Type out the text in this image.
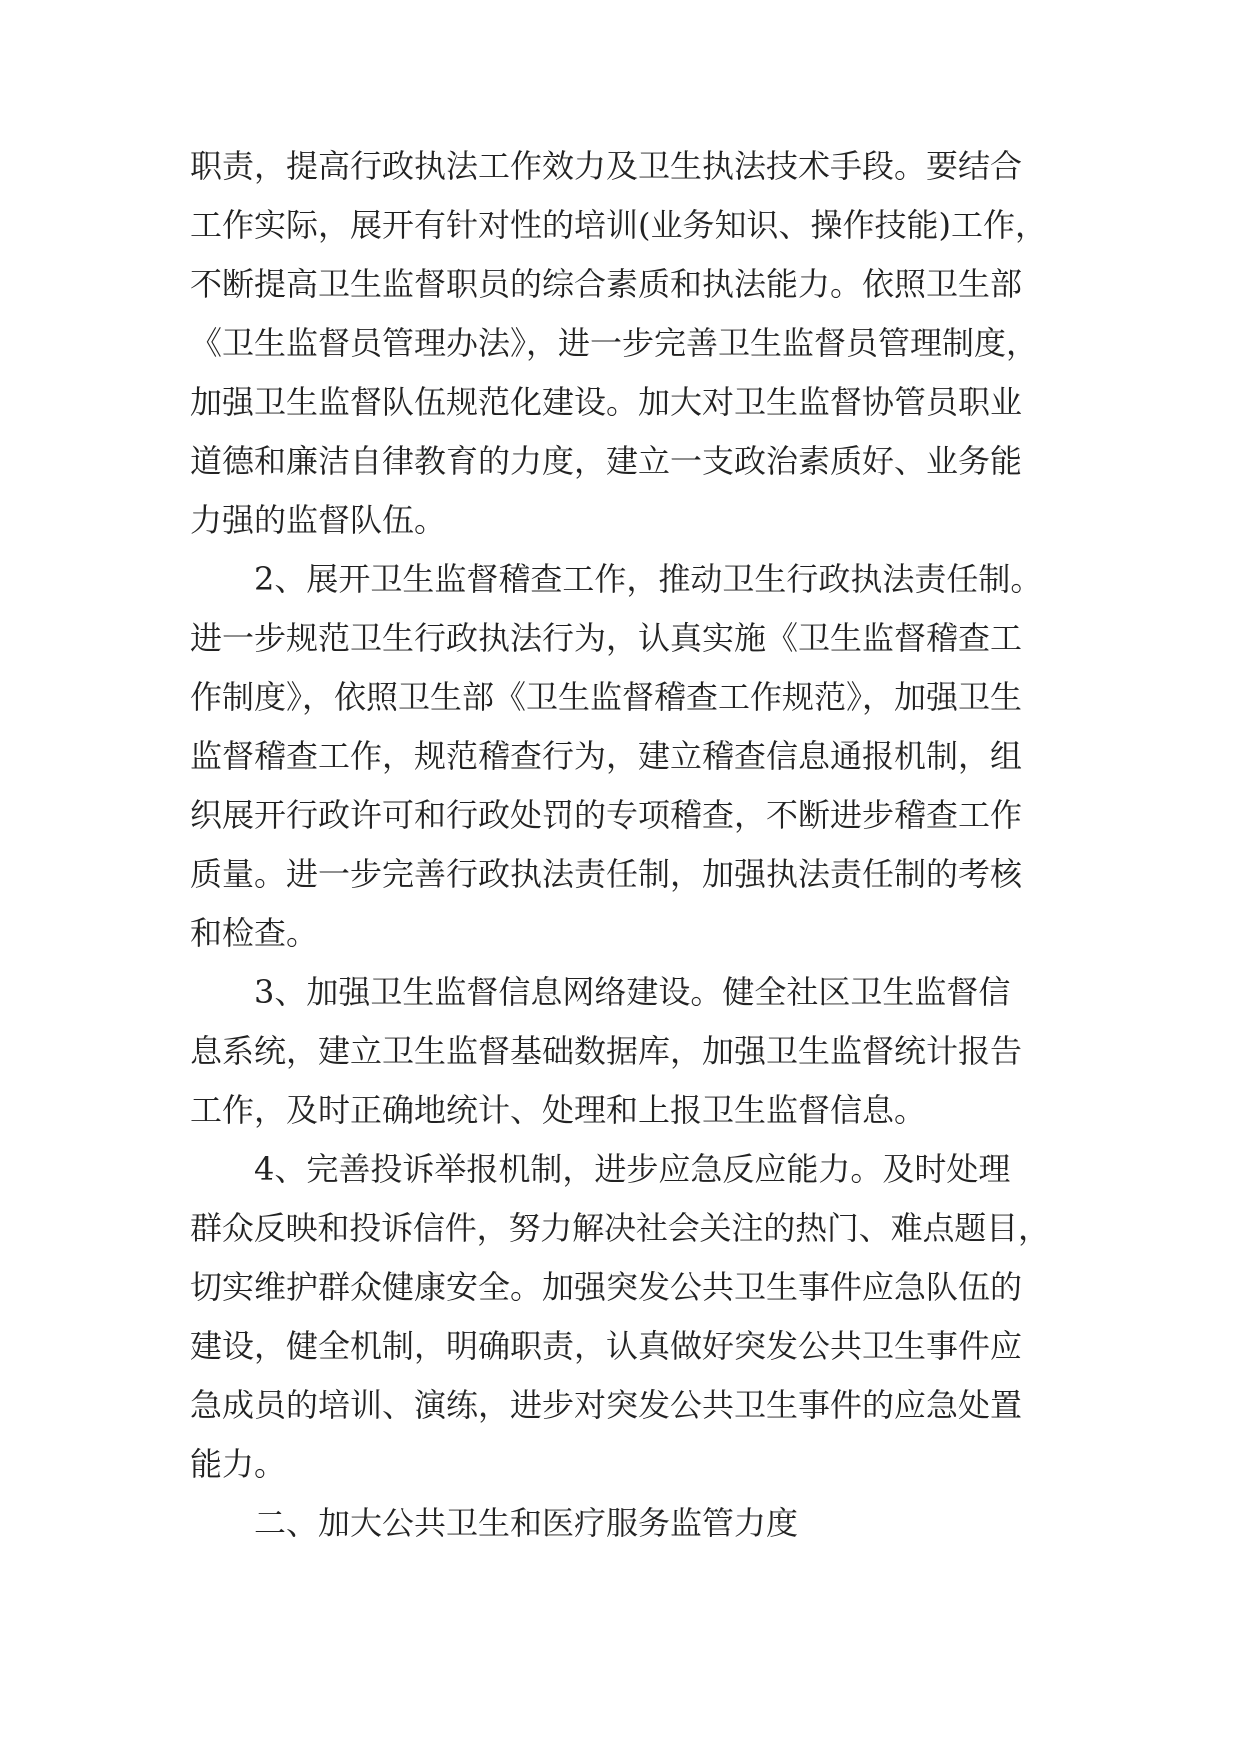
职责，提高行政执法工作效力及卫生执法技术手段。要结合
工作实际，展开有针对性的培训(业务知识、操作技能)工作，
不断提高卫生监督职员的综合素质和执法能力。依照卫生部
《卫生监督员管理办法》，进一步完善卫生监督员管理制度，
加强卫生监督队伍规范化建设。加大对卫生监督协管员职业
道德和廉洁自律教育的力度，建立一支政治素质好、业务能
力强的监督队伍。
2、展开卫生监督稽查工作，推动卫生行政执法责任制。
进一步规范卫生行政执法行为，认真实施《卫生监督稽查工
作制度》，依照卫生部《卫生监督稽查工作规范》，加强卫生
监督稽查工作，规范稽查行为，建立稽查信息通报机制，组
织展开行政许可和行政处罚的专项稽查，不断进步稽查工作
质量。进一步完善行政执法责任制，加强执法责任制的考核
和检查。
3、加强卫生监督信息网络建设。健全社区卫生监督信
息系统，建立卫生监督基础数据库，加强卫生监督统计报告
工作，及时正确地统计、处理和上报卫生监督信息。
4、完善投诉举报机制，进步应急反应能力。及时处理
群众反映和投诉信件，努力解决社会关注的热门、难点题目，
切实维护群众健康安全。加强突发公共卫生事件应急队伍的
建设，健全机制，明确职责，认真做好突发公共卫生事件应
急成员的培训、演练，进步对突发公共卫生事件的应急处置
能力。
二、加大公共卫生和医疗服务监管力度
